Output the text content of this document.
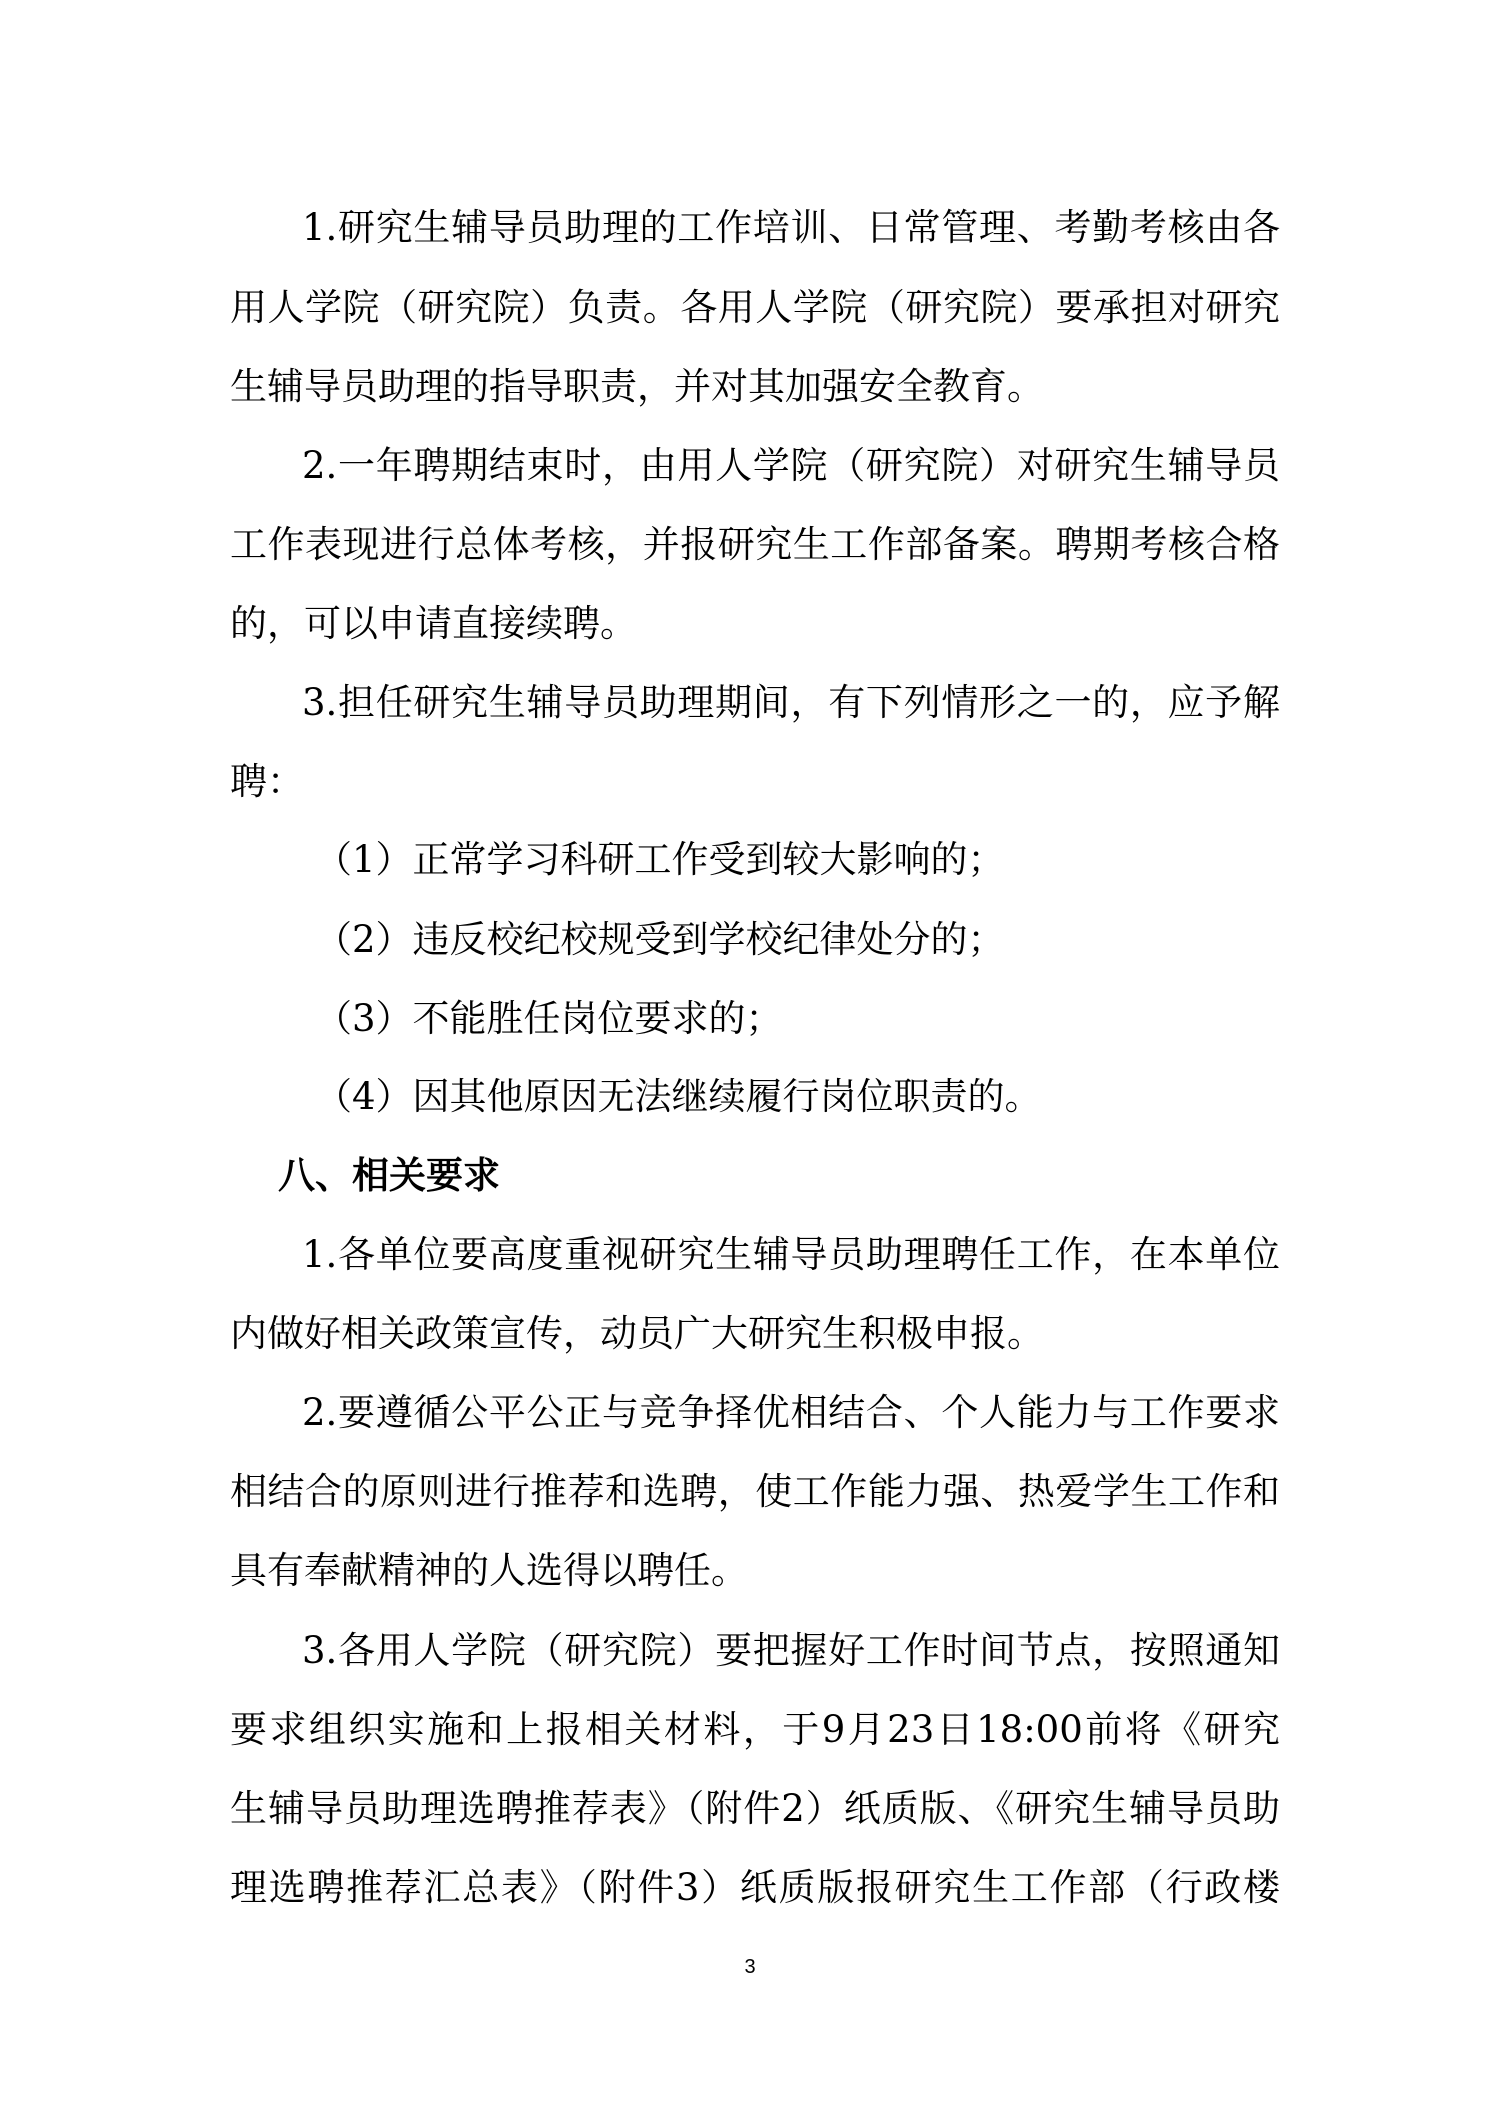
1.研究生辅导员助理的工作培训、日常管理、考勤考核由各
用人学院（研究院）负责。各用人学院（研究院）要承担对研究
生辅导员助理的指导职责，并对其加强安全教育。
2.一年聘期结束时，由用人学院（研究院）对研究生辅导员
工作表现进行总体考核，并报研究生工作部备案。聘期考核合格
的，可以申请直接续聘。
3.担任研究生辅导员助理期间，有下列情形之一的，应予解
聘：
（1）正常学习科研工作受到较大影响的；
（2）违反校纪校规受到学校纪律处分的；
（3）不能胜任岗位要求的；
（4）因其他原因无法继续履行岗位职责的。
八、相关要求
1.各单位要高度重视研究生辅导员助理聘任工作，在本单位
内做好相关政策宣传，动员广大研究生积极申报。
2.要遵循公平公正与竞争择优相结合、个人能力与工作要求
相结合的原则进行推荐和选聘，使工作能力强、热爱学生工作和
具有奉献精神的人选得以聘任。
3.各用人学院（研究院）要把握好工作时间节点，按照通知
要求组织实施和上报相关材料，于9月23日18:00前将《研究
生辅导员助理选聘推荐表》（附件2）纸质版、《研究生辅导员助
理选聘推荐汇总表》（附件3）纸质版报研究生工作部（行政楼
3
